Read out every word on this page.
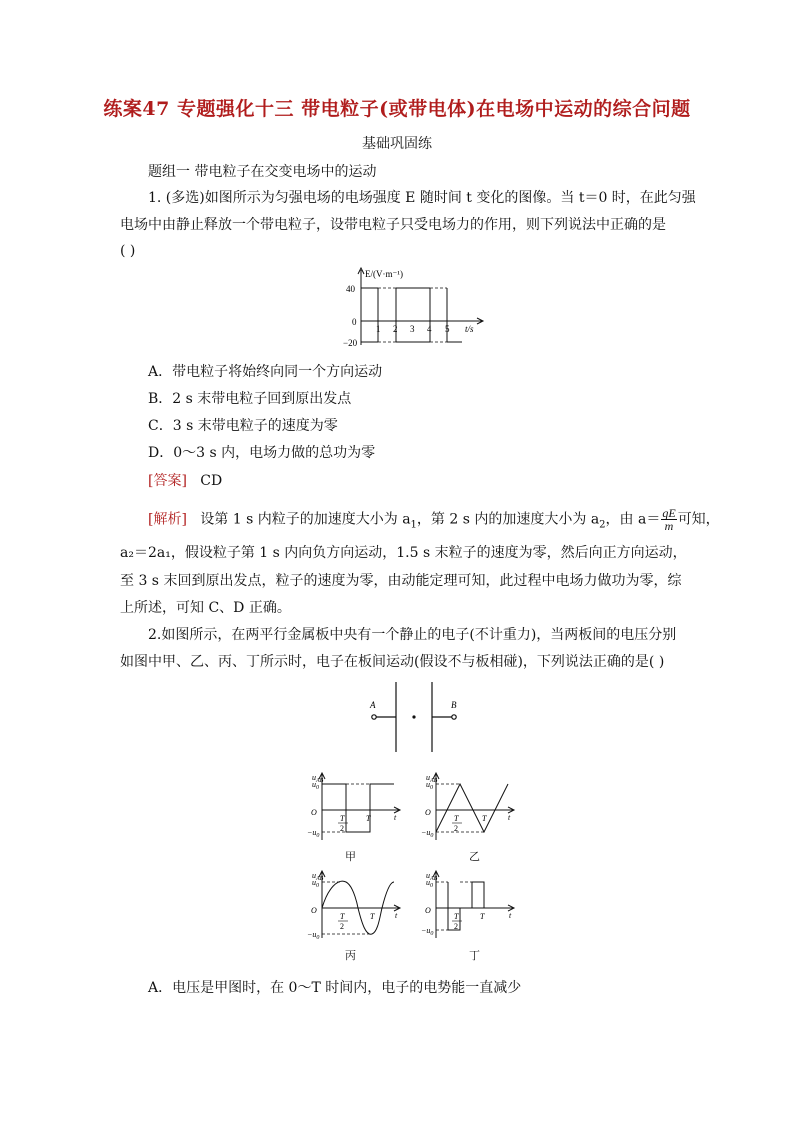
练案47 专题强化十三 带电粒子(或带电体)在电场中运动的综合问题
基础巩固练
题组一 带电粒子在交变电场中的运动
1. (多选)如图所示为匀强电场的电场强度 E 随时间 t 变化的图像。当 t＝0 时，在此匀强
电场中由静止释放一个带电粒子，设带电粒子只受电场力的作用，则下列说法中正确的是
( )
E/(V·m⁻¹)
40
0
−20
1 2 3 4 5 t/s
A．带电粒子将始终向同一个方向运动
B．2 s 末带电粒子回到原出发点
C．3 s 末带电粒子的速度为零
D．0～3 s 内，电场力做的总功为零
[答案] CD
[解析] 设第 1 s 内粒子的加速度大小为 $a_1$，第 2 s 内的加速度大小为 $a_2$，由 $a= \frac{qE}{m}$ 可知，
a₂＝2a₁，假设粒子第 1 s 内向负方向运动，1.5 s 末粒子的速度为零，然后向正方向运动，
至 3 s 末回到原出发点，粒子的速度为零，由动能定理可知，此过程中电场力做功为零，综
上所述，可知 C、D 正确。
2.如图所示，在两平行金属板中央有一个静止的电子(不计重力)，当两板间的电压分别
如图中甲、乙、丙、丁所示时，电子在板间运动(假设不与板相碰)，下列说法正确的是( )
A	B
$u_{AB}$
$u_0$
O
$-u_0$
T
2
T	t
甲
$u_{AB}$
$u_0$
O
$-u_0$
T
2
T	t
乙
$u_{AB}$
$u_0$
O
$-u_0$
T
2
T	t
丙
$u_{AB}$
$u_0$
O
$-u_0$
T
2
T	t
丁
A．电压是甲图时，在 0～T 时间内，电子的电势能一直减少
